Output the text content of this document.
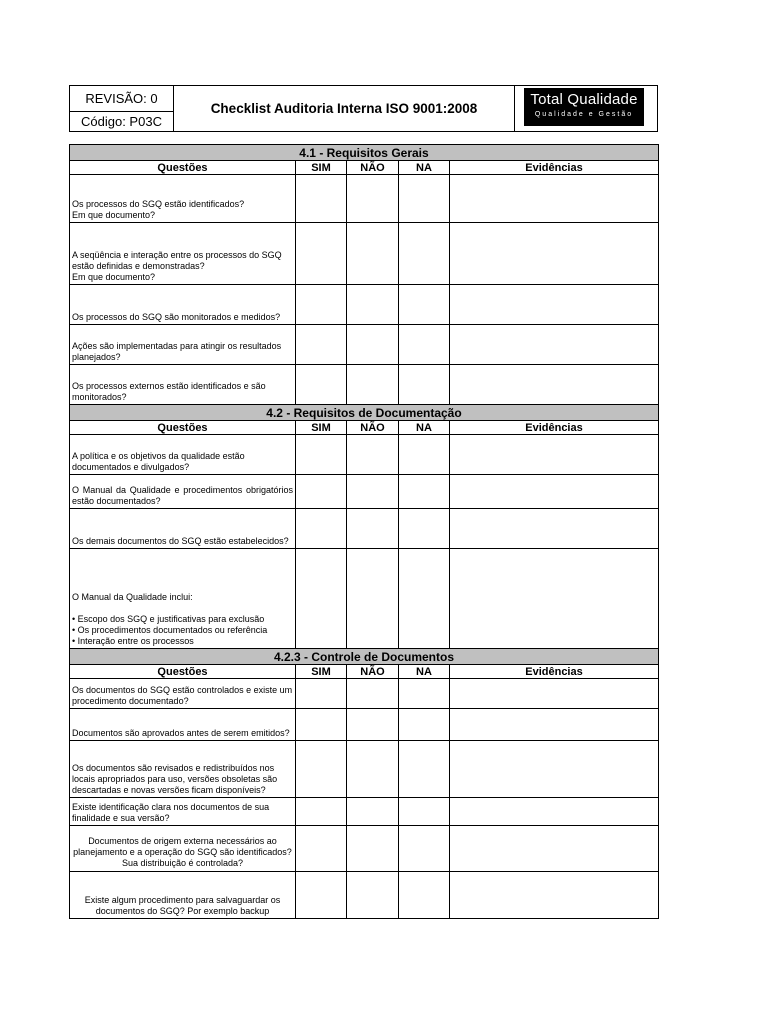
REVISÃO: 0
Código: P03C
Checklist Auditoria Interna ISO 9001:2008
Total Qualidade
Qualidade e Gestão
4.1 - Requisitos Gerais				
Questões	SIM	NÃO	NA	Evidências
Os processos do SGQ estão identificados?
Em que documento?				
A seqüência e interação entre os processos do SGQ estão definidas e demonstradas?
Em que documento?				
Os processos do SGQ são monitorados e medidos?				
Ações são implementadas para atingir os resultados planejados?				
Os processos externos estão identificados e são monitorados?				
4.2 - Requisitos de Documentação				
Questões	SIM	NÃO	NA	Evidências
A política e os objetivos da qualidade estão documentados e divulgados?				
O Manual da Qualidade e procedimentos obrigatórios estão documentados?				
Os demais documentos do SGQ estão estabelecidos?				
O Manual da Qualidade inclui:

• Escopo dos SGQ e justificativas para exclusão
• Os procedimentos documentados ou referência
• Interação entre os processos				
4.2.3 - Controle de Documentos				
Questões	SIM	NÃO	NA	Evidências
Os documentos do SGQ estão controlados e existe um procedimento documentado?				
Documentos são aprovados antes de serem emitidos?				
Os documentos são revisados e redistribuídos nos locais apropriados para uso, versões obsoletas são descartadas e novas versões ficam disponíveis?				
Existe identificação clara nos documentos de sua finalidade e sua versão?				
Documentos de origem externa necessários ao planejamento e a operação do SGQ são identificados? Sua distribuição é controlada?				
Existe algum procedimento para salvaguardar os documentos do SGQ? Por exemplo backup				
